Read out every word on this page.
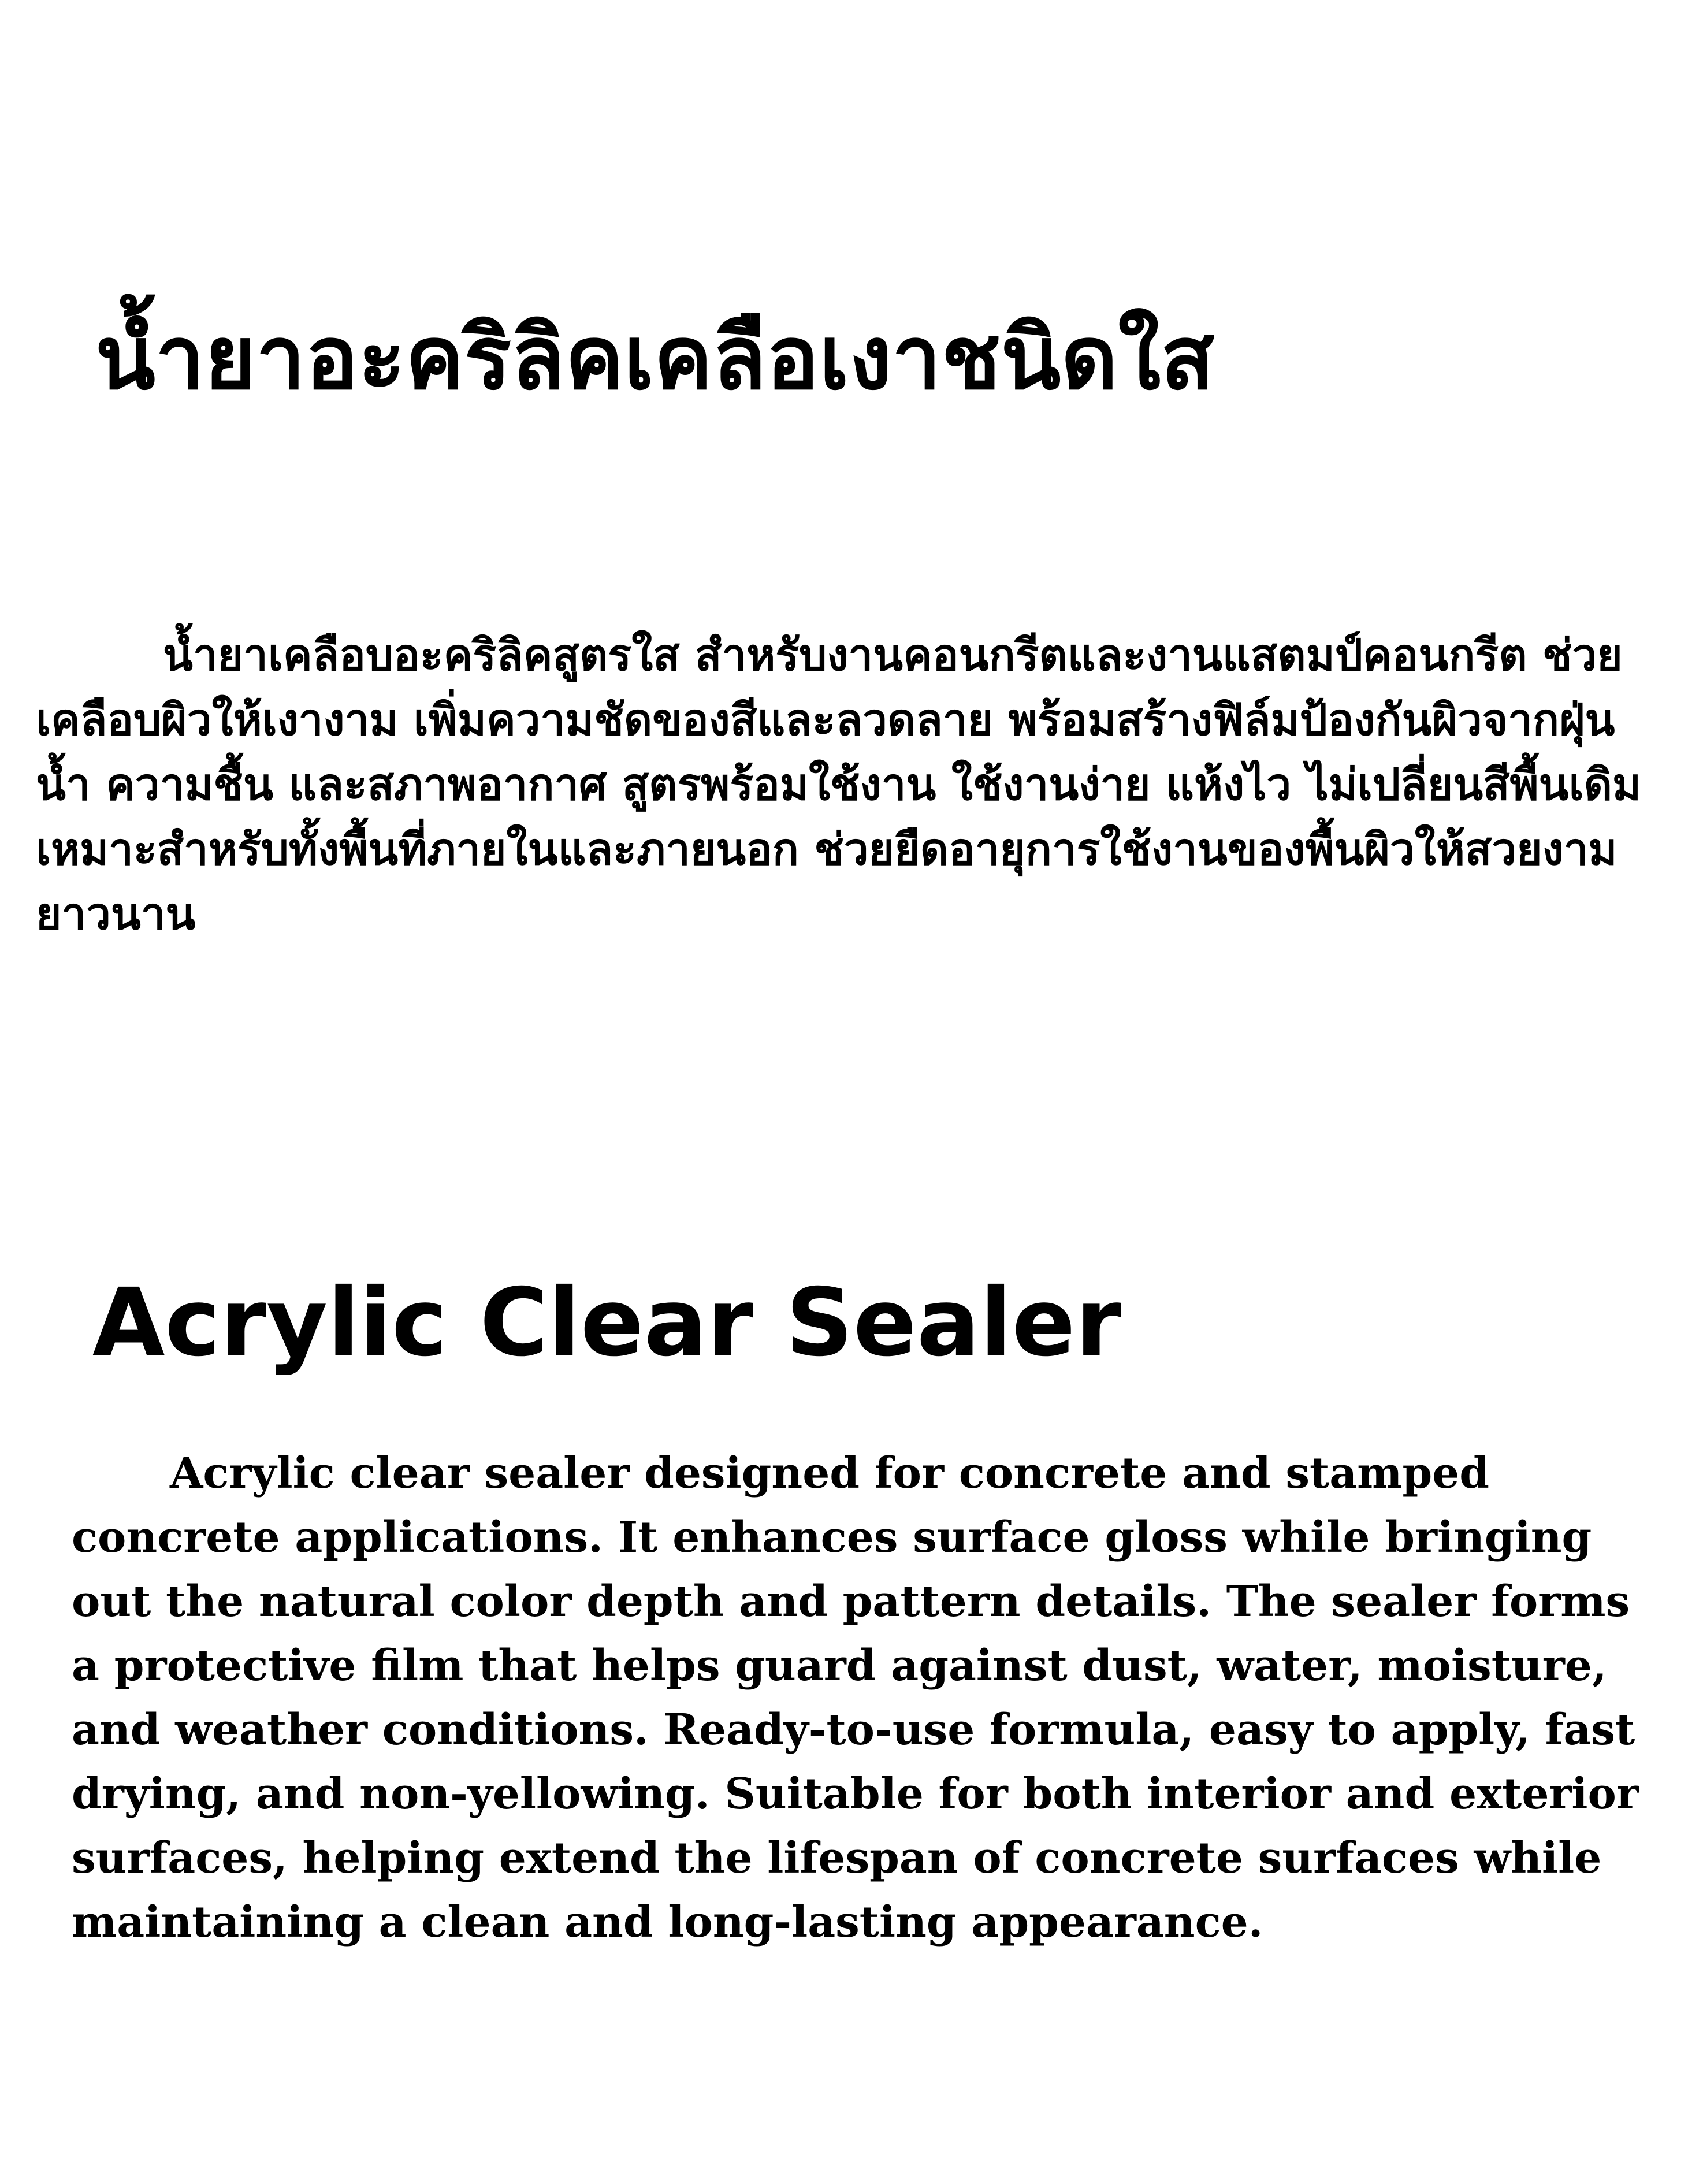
น้ำยาอะคริลิคเคลือเงาชนิดใส

น้ำยาเคลือบอะคริลิคสูตรใส สำหรับงานคอนกรีตและงานแสตมป์คอนกรีต ช่วยเคลือบผิวให้เงางาม เพิ่มความชัดของสีและลวดลาย พร้อมสร้างฟิล์มป้องกันผิวจากฝุ่น น้ำ ความชื้น และสภาพอากาศ สูตรพร้อมใช้งาน ใช้งานง่าย แห้งไว ไม่เปลี่ยนสีพื้นเดิม เหมาะสำหรับทั้งพื้นที่ภายในและภายนอก ช่วยยืดอายุการใช้งานของพื้นผิวให้สวยงามยาวนาน

Acrylic Clear Sealer

Acrylic clear sealer designed for concrete and stamped concrete applications. It enhances surface gloss while bringing out the natural color depth and pattern details. The sealer forms a protective film that helps guard against dust, water, moisture, and weather conditions. Ready-to-use formula, easy to apply, fast drying, and non-yellowing. Suitable for both interior and exterior surfaces, helping extend the lifespan of concrete surfaces while maintaining a clean and long-lasting appearance.
